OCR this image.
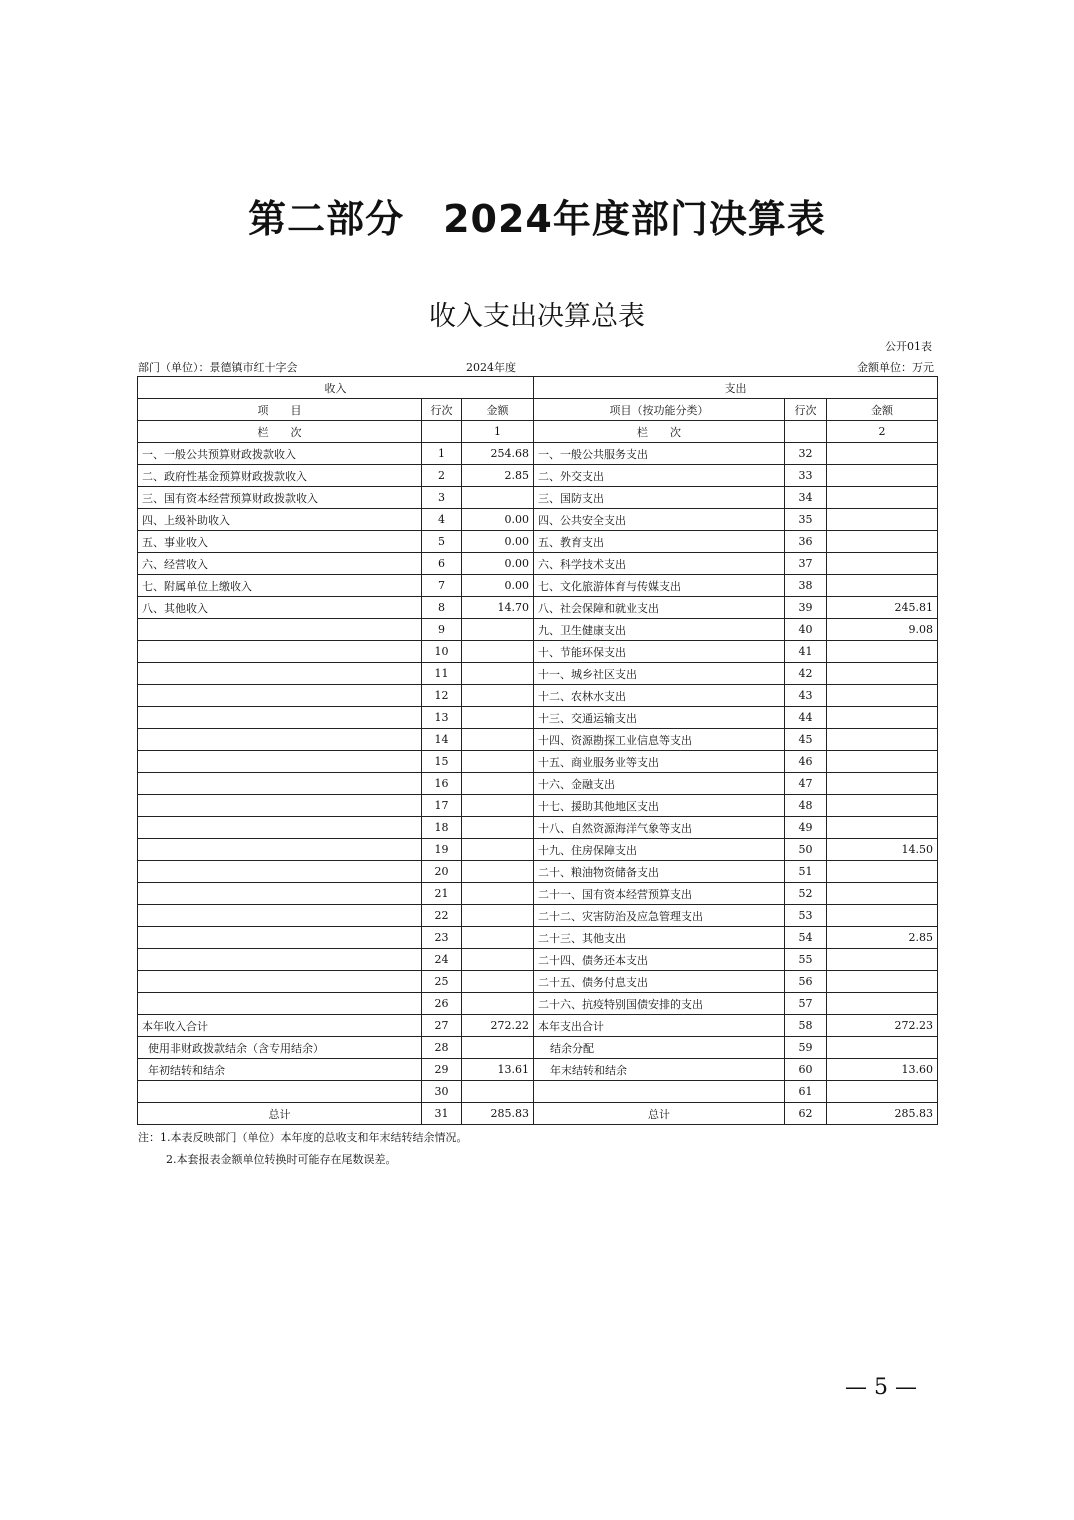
第二部分　2024年度部门决算表
收入支出决算总表
公开01表
部门（单位）：景德镇市红十字会	2024年度	金额单位：万元
收入			支出		
项　　目	行次	金额	项目（按功能分类）	行次	金额
栏　　次		1	栏　　次		2
一、一般公共预算财政拨款收入	1	254.68	一、一般公共服务支出	32	
二、政府性基金预算财政拨款收入	2	2.85	二、外交支出	33	
三、国有资本经营预算财政拨款收入	3		三、国防支出	34	
四、上级补助收入	4	0.00	四、公共安全支出	35	
五、事业收入	5	0.00	五、教育支出	36	
六、经营收入	6	0.00	六、科学技术支出	37	
七、附属单位上缴收入	7	0.00	七、文化旅游体育与传媒支出	38	
八、其他收入	8	14.70	八、社会保障和就业支出	39	245.81
	9		九、卫生健康支出	40	9.08
	10		十、节能环保支出	41	
	11		十一、城乡社区支出	42	
	12		十二、农林水支出	43	
	13		十三、交通运输支出	44	
	14		十四、资源勘探工业信息等支出	45	
	15		十五、商业服务业等支出	46	
	16		十六、金融支出	47	
	17		十七、援助其他地区支出	48	
	18		十八、自然资源海洋气象等支出	49	
	19		十九、住房保障支出	50	14.50
	20		二十、粮油物资储备支出	51	
	21		二十一、国有资本经营预算支出	52	
	22		二十二、灾害防治及应急管理支出	53	
	23		二十三、其他支出	54	2.85
	24		二十四、债务还本支出	55	
	25		二十五、债务付息支出	56	
	26		二十六、抗疫特别国债安排的支出	57	
本年收入合计	27	272.22	本年支出合计	58	272.23
使用非财政拨款结余（含专用结余）	28		结余分配	59	
年初结转和结余	29	13.61	年末结转和结余	60	13.60
	30			61	
总计	31	285.83	总计	62	285.83
注：1.本表反映部门（单位）本年度的总收支和年末结转结余情况。
2.本套报表金额单位转换时可能存在尾数误差。
— 5 —
